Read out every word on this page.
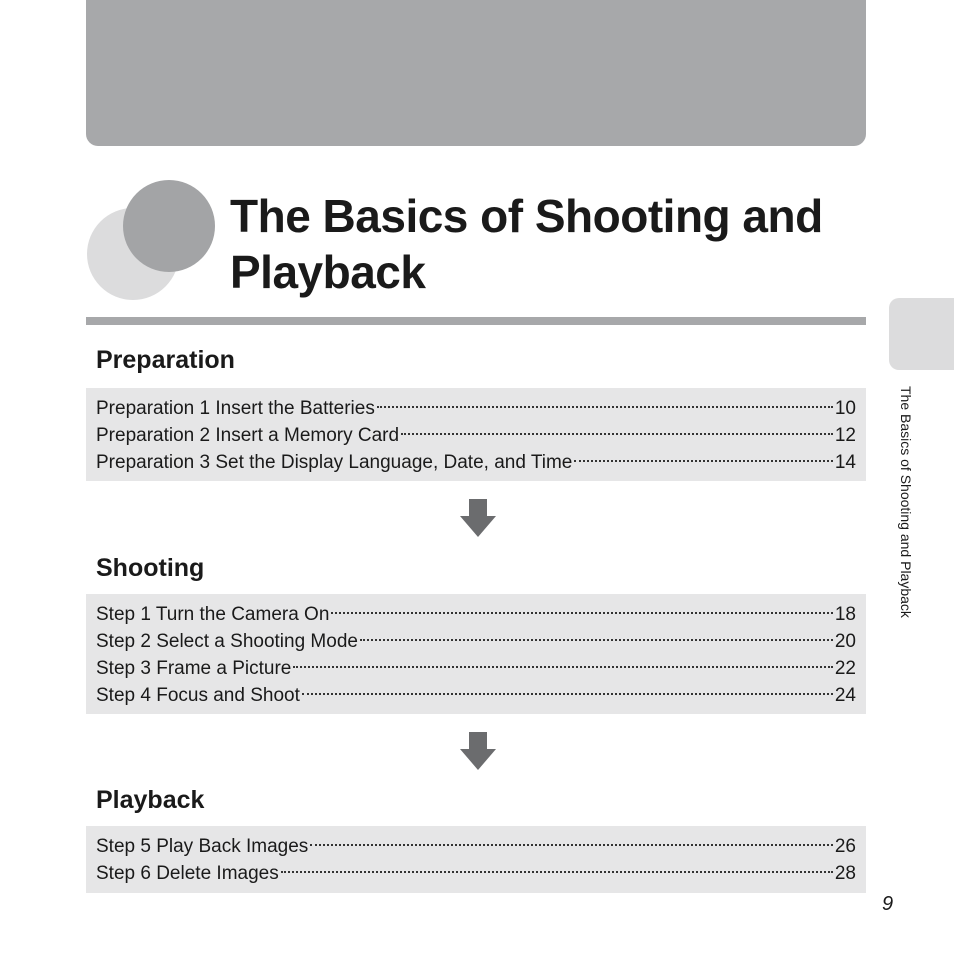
The Basics of Shooting and Playback
The Basics of Shooting and Playback
Preparation
Preparation 1 Insert the Batteries	10
Preparation 2 Insert a Memory Card	12
Preparation 3 Set the Display Language, Date, and Time	14
Shooting
Step 1 Turn the Camera On	18
Step 2 Select a Shooting Mode	20
Step 3 Frame a Picture	22
Step 4 Focus and Shoot	24
Playback
Step 5 Play Back Images	26
Step 6 Delete Images	28
9
